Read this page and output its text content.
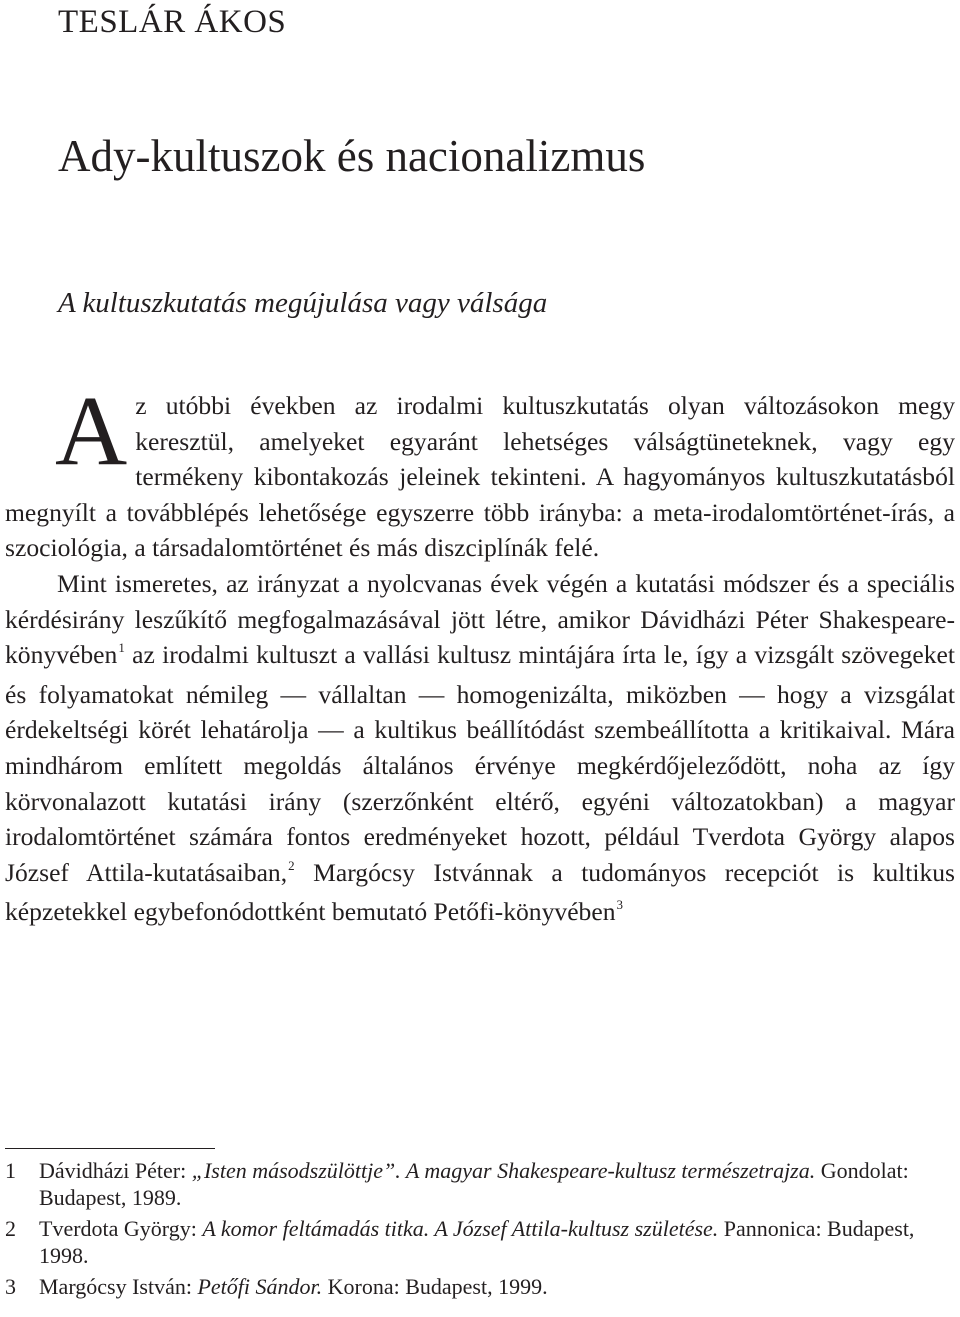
TESLÁR ÁKOS
Ady-kultuszok és nacionalizmus
A kultuszkutatás megújulása vagy válsága

Az utóbbi években az irodalmi kultuszkutatás olyan változásokon megy keresztül, amelyeket egyaránt lehetséges válságtüneteknek, vagy egy termékeny kibontakozás jeleinek tekinteni. A hagyományos kultuszkutatásból megnyílt a továbblépés lehetősége egyszerre több irányba: a meta-irodalomtörténet-írás, a szociológia, a társadalomtörténet és más diszciplínák felé.

Mint ismeretes, az irányzat a nyolcvanas évek végén a kutatási módszer és a speciális kérdésirány leszűkítő megfogalmazásával jött létre, amikor Dávidházi Péter Shakespeare-könyvében$^1$ az irodalmi kultuszt a vallási kultusz mintájára írta le, így a vizsgált szövegeket és folyamatokat némileg — vállaltan — homogenizálta, miközben — hogy a vizsgálat érdekeltségi körét lehatárolja — a kultikus beállítódást szembeállította a kritikaival. Mára mindhárom említett megoldás általános érvénye megkérdőjeleződött, noha az így körvonalazott kutatási irány (szerzőnként eltérő, egyéni változatokban) a magyar irodalomtörténet számára fontos eredményeket hozott, például Tverdota György alapos József Attila-kutatásaiban,$^2$ Margócsy Istvánnak a tudományos recepciót is kultikus képzetekkel egybefonódottként bemutató Petőfi-könyvében$^3$

1 Dávidházi Péter: „Isten másodszülöttje”. A magyar Shakespeare-kultusz természetrajza. Gondolat: Budapest, 1989.
2 Tverdota György: A komor feltámadás titka. A József Attila-kultusz születése. Pannonica: Budapest, 1998.
3 Margócsy István: Petőfi Sándor. Korona: Budapest, 1999.
